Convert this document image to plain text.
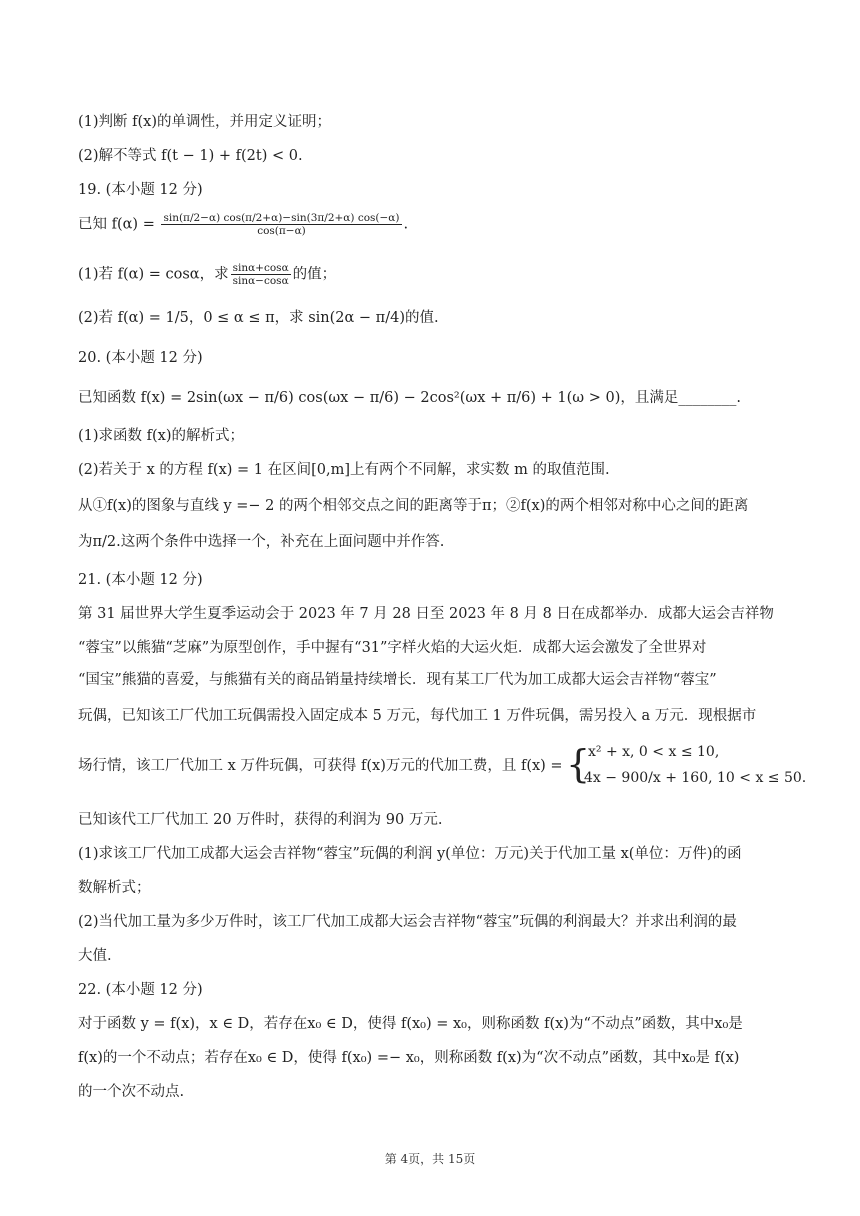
(1)判断 f(x)的单调性，并用定义证明；
(2)解不等式 f(t − 1) + f(2t) < 0.
19. (本小题 12 分)
已知 $f(\alpha) = \frac{\sin(\pi/2-\alpha) \cos(\pi/2+\alpha)-\sin(3\pi/2+\alpha) \cos(-\alpha)}{\cos(\pi-\alpha)}$ .
(1)若 f(α) = cosα，求 $\frac{\sin\alpha+\cos\alpha}{\sin\alpha-\cos\alpha}$ 的值；
(2)若 f(α) = 1/5，0 ≤ α ≤ π，求 sin(2α − π/4)的值.
20. (本小题 12 分)
已知函数 f(x) = 2sin(ωx − π/6) cos(ωx − π/6) − 2cos²(ωx + π/6) + 1(ω > 0)，且满足________.
(1)求函数 f(x)的解析式；
(2)若关于 x 的方程 f(x) = 1 在区间[0,m]上有两个不同解，求实数 m 的取值范围.
从①f(x)的图象与直线 y =− 2 的两个相邻交点之间的距离等于π；②f(x)的两个相邻对称中心之间的距离
为π/2.这两个条件中选择一个，补充在上面问题中并作答.
21. (本小题 12 分)
第 31 届世界大学生夏季运动会于 2023 年 7 月 28 日至 2023 年 8 月 8 日在成都举办．成都大运会吉祥物
“蓉宝”以熊猫“芝麻”为原型创作，手中握有“31”字样火焰的大运火炬．成都大运会激发了全世界对
“国宝”熊猫的喜爱，与熊猫有关的商品销量持续增长．现有某工厂代为加工成都大运会吉祥物“蓉宝”
玩偶，已知该工厂代加工玩偶需投入固定成本 5 万元，每代加工 1 万件玩偶，需另投入 a 万元．现根据市
场行情，该工厂代加工 x 万件玩偶，可获得 f(x)万元的代加工费，且 f(x) = {
x² + x, 0 < x ≤ 10,
4x − 900/x + 160, 10 < x ≤ 50.
已知该代工厂代加工 20 万件时，获得的利润为 90 万元.
(1)求该工厂代加工成都大运会吉祥物“蓉宝”玩偶的利润 y(单位：万元)关于代加工量 x(单位：万件)的函
数解析式；
(2)当代加工量为多少万件时，该工厂代加工成都大运会吉祥物“蓉宝”玩偶的利润最大？并求出利润的最
大值.
22. (本小题 12 分)
对于函数 y = f(x)，x ∈ D，若存在x₀ ∈ D，使得 f(x₀) = x₀，则称函数 f(x)为“不动点”函数，其中x₀是
f(x)的一个不动点；若存在x₀ ∈ D，使得 f(x₀) =− x₀，则称函数 f(x)为“次不动点”函数，其中x₀是 f(x)
的一个次不动点.
第 4页，共 15页
